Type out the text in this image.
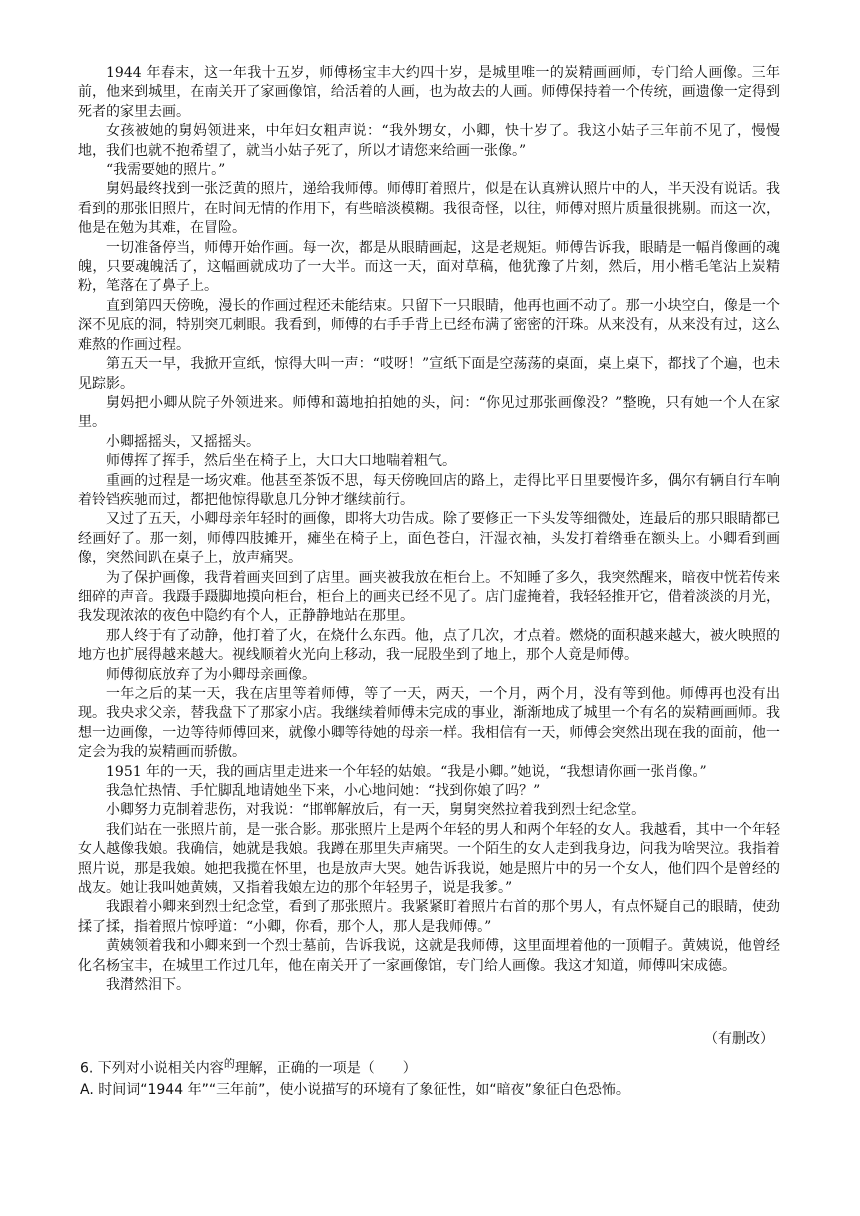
1944 年春末，这一年我十五岁，师傅杨宝丰大约四十岁，是城里唯一的炭精画画师，专门给人画像。三年前，他来到城里，在南关开了家画像馆，给活着的人画，也为故去的人画。师傅保持着一个传统，画遗像一定得到死者的家里去画。

女孩被她的舅妈领进来，中年妇女粗声说：“我外甥女，小卿，快十岁了。我这小姑子三年前不见了，慢慢地，我们也就不抱希望了，就当小姑子死了，所以才请您来给画一张像。”

“我需要她的照片。”

舅妈最终找到一张泛黄的照片，递给我师傅。师傅盯着照片，似是在认真辨认照片中的人，半天没有说话。我看到的那张旧照片，在时间无情的作用下，有些暗淡模糊。我很奇怪，以往，师傅对照片质量很挑剔。而这一次，他是在勉为其难，在冒险。

一切准备停当，师傅开始作画。每一次，都是从眼睛画起，这是老规矩。师傅告诉我，眼睛是一幅肖像画的魂魄，只要魂魄活了，这幅画就成功了一大半。而这一天，面对草稿，他犹豫了片刻，然后，用小楷毛笔沾上炭精粉，笔落在了鼻子上。

直到第四天傍晚，漫长的作画过程还未能结束。只留下一只眼睛，他再也画不动了。那一小块空白，像是一个深不见底的洞，特别突兀刺眼。我看到，师傅的右手手背上已经布满了密密的汗珠。从来没有，从来没有过，这么难熬的作画过程。

第五天一早，我掀开宣纸，惊得大叫一声：“哎呀！”宣纸下面是空荡荡的桌面，桌上桌下，都找了个遍，也未见踪影。

舅妈把小卿从院子外领进来。师傅和蔼地拍拍她的头，问：“你见过那张画像没？”整晚，只有她一个人在家里。

小卿摇摇头，又摇摇头。

师傅挥了挥手，然后坐在椅子上，大口大口地喘着粗气。

重画的过程是一场灾难。他甚至茶饭不思，每天傍晚回店的路上，走得比平日里要慢许多，偶尔有辆自行车响着铃铛疾驰而过，都把他惊得歇息几分钟才继续前行。

又过了五天，小卿母亲年轻时的画像，即将大功告成。除了要修正一下头发等细微处，连最后的那只眼睛都已经画好了。那一刻，师傅四肢摊开，瘫坐在椅子上，面色苍白，汗湿衣袖，头发打着绺垂在额头上。小卿看到画像，突然间趴在桌子上，放声痛哭。

为了保护画像，我背着画夹回到了店里。画夹被我放在柜台上。不知睡了多久，我突然醒来，暗夜中恍若传来细碎的声音。我蹑手蹑脚地摸向柜台，柜台上的画夹已经不见了。店门虚掩着，我轻轻推开它，借着淡淡的月光，我发现浓浓的夜色中隐约有个人，正静静地站在那里。

那人终于有了动静，他打着了火，在烧什么东西。他，点了几次，才点着。燃烧的面积越来越大，被火映照的地方也扩展得越来越大。视线顺着火光向上移动，我一屁股坐到了地上，那个人竟是师傅。

师傅彻底放弃了为小卿母亲画像。

一年之后的某一天，我在店里等着师傅，等了一天，两天，一个月，两个月，没有等到他。师傅再也没有出现。我央求父亲，替我盘下了那家小店。我继续着师傅未完成的事业，渐渐地成了城里一个有名的炭精画画师。我想一边画像，一边等待师傅回来，就像小卿等待她的母亲一样。我相信有一天，师傅会突然出现在我的面前，他一定会为我的炭精画而骄傲。

1951 年的一天，我的画店里走进来一个年轻的姑娘。“我是小卿。”她说，“我想请你画一张肖像。”

我急忙热情、手忙脚乱地请她坐下来，小心地问她：“找到你娘了吗？”

小卿努力克制着悲伤，对我说：“邯郸解放后，有一天，舅舅突然拉着我到烈士纪念堂。

我们站在一张照片前，是一张合影。那张照片上是两个年轻的男人和两个年轻的女人。我越看，其中一个年轻女人越像我娘。我确信，她就是我娘。我蹲在那里失声痛哭。一个陌生的女人走到我身边，问我为啥哭泣。我指着照片说，那是我娘。她把我揽在怀里，也是放声大哭。她告诉我说，她是照片中的另一个女人，他们四个是曾经的战友。她让我叫她黄姨，又指着我娘左边的那个年轻男子，说是我爹。”

我跟着小卿来到烈士纪念堂，看到了那张照片。我紧紧盯着照片右首的那个男人，有点怀疑自己的眼睛，使劲揉了揉，指着照片惊呼道：“小卿，你看，那个人，那人是我师傅。”

黄姨领着我和小卿来到一个烈士墓前，告诉我说，这就是我师傅，这里面埋着他的一顶帽子。黄姨说，他曾经化名杨宝丰，在城里工作过几年，他在南关开了一家画像馆，专门给人画像。我这才知道，师傅叫宋成德。

我潸然泪下。

（有删改）

6. 下列对小说相关内容$^的$理解，正确的一项是（　　）

A. 时间词“1944 年”“三年前”，使小说描写的环境有了象征性，如“暗夜”象征白色恐怖。
